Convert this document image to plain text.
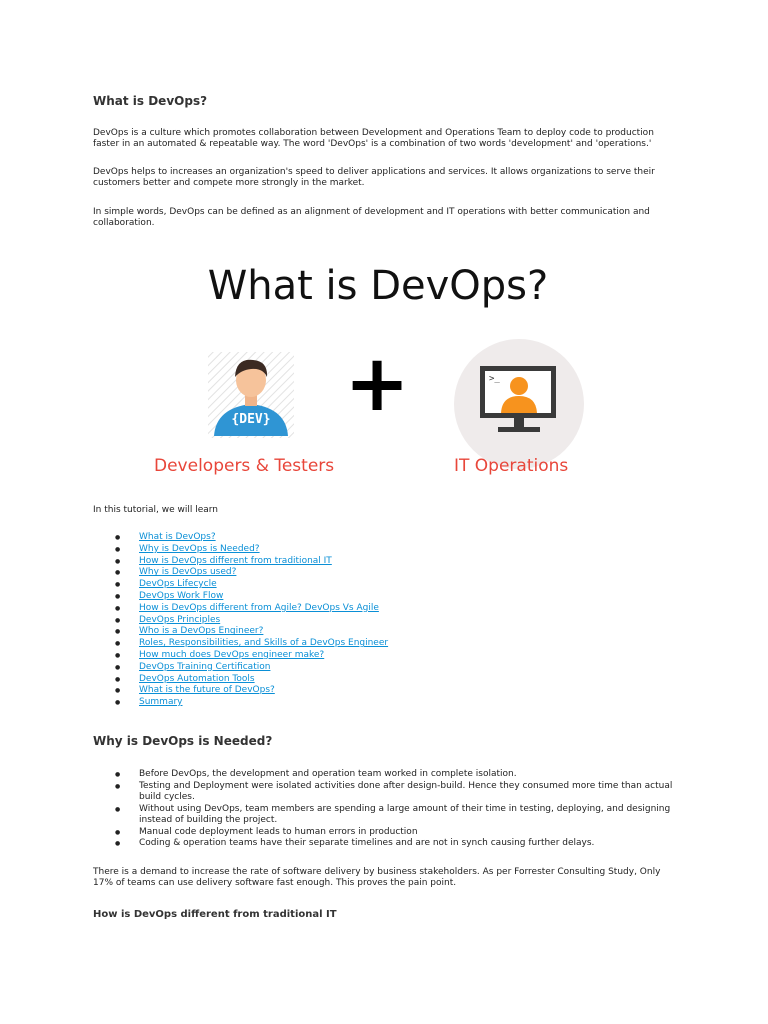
What is DevOps?
DevOps is a culture which promotes collaboration between Development and Operations Team to deploy code to production faster in an automated & repeatable way. The word 'DevOps' is a combination of two words 'development' and 'operations.'
DevOps helps to increases an organization's speed to deliver applications and services. It allows organizations to serve their customers better and compete more strongly in the market.
In simple words, DevOps can be defined as an alignment of development and IT operations with better communication and collaboration.
What is DevOps?
{DEV} +	>_
Developers & Testers	IT Operations
In this tutorial, we will learn
● What is DevOps?
● Why is DevOps is Needed?
● How is DevOps different from traditional IT
● Why is DevOps used?
● DevOps Lifecycle
● DevOps Work Flow
● How is DevOps different from Agile? DevOps Vs Agile
● DevOps Principles
● Who is a DevOps Engineer?
● Roles, Responsibilities, and Skills of a DevOps Engineer
● How much does DevOps engineer make?
● DevOps Training Certification
● DevOps Automation Tools
● What is the future of DevOps?
● Summary
Why is DevOps is Needed?
● Before DevOps, the development and operation team worked in complete isolation.
● Testing and Deployment were isolated activities done after design-build. Hence they consumed more time than actual build cycles.
● Without using DevOps, team members are spending a large amount of their time in testing, deploying, and designing instead of building the project.
● Manual code deployment leads to human errors in production
● Coding & operation teams have their separate timelines and are not in synch causing further delays.
There is a demand to increase the rate of software delivery by business stakeholders. As per Forrester Consulting Study, Only 17% of teams can use delivery software fast enough. This proves the pain point.
How is DevOps different from traditional IT
